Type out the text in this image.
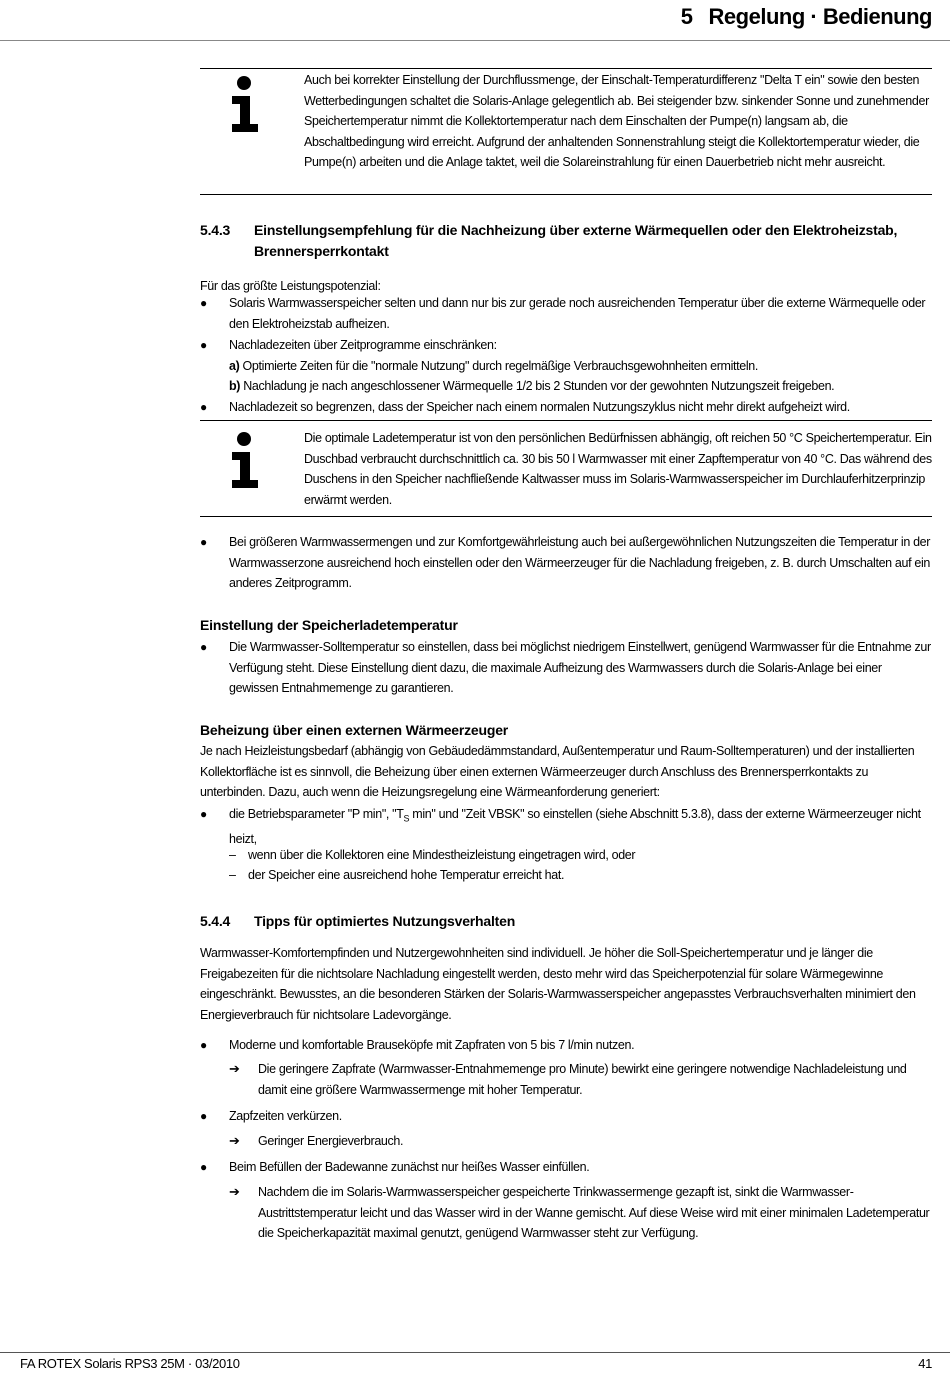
5 Regelung · Bedienung
Auch bei korrekter Einstellung der Durchflussmenge, der Einschalt-Temperaturdifferenz "Delta T ein" sowie den besten Wetterbedingungen schaltet die Solaris-Anlage gelegentlich ab. Bei steigender bzw. sinkender Sonne und zunehmender Speichertemperatur nimmt die Kollektortemperatur nach dem Einschalten der Pumpe(n) langsam ab, die Abschaltbedingung wird erreicht. Aufgrund der anhaltenden Sonnenstrahlung steigt die Kollektortemperatur wieder, die Pumpe(n) arbeiten und die Anlage taktet, weil die Solareinstrahlung für einen Dauerbetrieb nicht mehr ausreicht.
5.4.3 Einstellungsempfehlung für die Nachheizung über externe Wärmequellen oder den Elektroheizstab, Brennersperrkontakt
Für das größte Leistungspotenzial:
● Solaris Warmwasserspeicher selten und dann nur bis zur gerade noch ausreichenden Temperatur über die externe Wärmequelle oder den Elektroheizstab aufheizen.
● Nachladezeiten über Zeitprogramme einschränken:
a) Optimierte Zeiten für die "normale Nutzung" durch regelmäßige Verbrauchsgewohnheiten ermitteln.
b) Nachladung je nach angeschlossener Wärmequelle 1/2 bis 2 Stunden vor der gewohnten Nutzungszeit freigeben.
● Nachladezeit so begrenzen, dass der Speicher nach einem normalen Nutzungszyklus nicht mehr direkt aufgeheizt wird.
Die optimale Ladetemperatur ist von den persönlichen Bedürfnissen abhängig, oft reichen 50 °C Speichertemperatur. Ein Duschbad verbraucht durchschnittlich ca. 30 bis 50 l Warmwasser mit einer Zapftemperatur von 40 °C. Das während des Duschens in den Speicher nachfließende Kaltwasser muss im Solaris-Warmwasserspeicher im Durchlauferhitzerprinzip erwärmt werden.
● Bei größeren Warmwassermengen und zur Komfortgewährleistung auch bei außergewöhnlichen Nutzungszeiten die Temperatur in der Warmwasserzone ausreichend hoch einstellen oder den Wärmeerzeuger für die Nachladung freigeben, z. B. durch Umschalten auf ein anderes Zeitprogramm.
Einstellung der Speicherladetemperatur
● Die Warmwasser-Solltemperatur so einstellen, dass bei möglichst niedrigem Einstellwert, genügend Warmwasser für die Entnahme zur Verfügung steht. Diese Einstellung dient dazu, die maximale Aufheizung des Warmwassers durch die Solaris-Anlage bei einer gewissen Entnahmemenge zu garantieren.
Beheizung über einen externen Wärmeerzeuger
Je nach Heizleistungsbedarf (abhängig von Gebäudedämmstandard, Außentemperatur und Raum-Solltemperaturen) und der installierten Kollektorfläche ist es sinnvoll, die Beheizung über einen externen Wärmeerzeuger durch Anschluss des Brennersperrkontakts zu unterbinden. Dazu, auch wenn die Heizungsregelung eine Wärmeanforderung generiert:
● die Betriebsparameter "P min", "$T_S$ min" und "Zeit VBSK" so einstellen (siehe Abschnitt 5.3.8), dass der externe Wärmeerzeuger nicht heizt,
– wenn über die Kollektoren eine Mindestheizleistung eingetragen wird, oder
– der Speicher eine ausreichend hohe Temperatur erreicht hat.
5.4.4 Tipps für optimiertes Nutzungsverhalten
Warmwasser-Komfortempfinden und Nutzergewohnheiten sind individuell. Je höher die Soll-Speichertemperatur und je länger die Freigabezeiten für die nichtsolare Nachladung eingestellt werden, desto mehr wird das Speicherpotenzial für solare Wärmegewinne eingeschränkt. Bewusstes, an die besonderen Stärken der Solaris-Warmwasserspeicher angepasstes Verbrauchsverhalten minimiert den Energieverbrauch für nichtsolare Ladevorgänge.
● Moderne und komfortable Brauseköpfe mit Zapfraten von 5 bis 7 l/min nutzen.
➔ Die geringere Zapfrate (Warmwasser-Entnahmemenge pro Minute) bewirkt eine geringere notwendige Nachladeleistung und damit eine größere Warmwassermenge mit hoher Temperatur.
● Zapfzeiten verkürzen.
➔ Geringer Energieverbrauch.
● Beim Befüllen der Badewanne zunächst nur heißes Wasser einfüllen.
➔ Nachdem die im Solaris-Warmwasserspeicher gespeicherte Trinkwassermenge gezapft ist, sinkt die Warmwasser-Austrittstemperatur leicht und das Wasser wird in der Wanne gemischt. Auf diese Weise wird mit einer minimalen Ladetemperatur die Speicherkapazität maximal genutzt, genügend Warmwasser steht zur Verfügung.
FA ROTEX Solaris RPS3 25M · 03/2010	41
